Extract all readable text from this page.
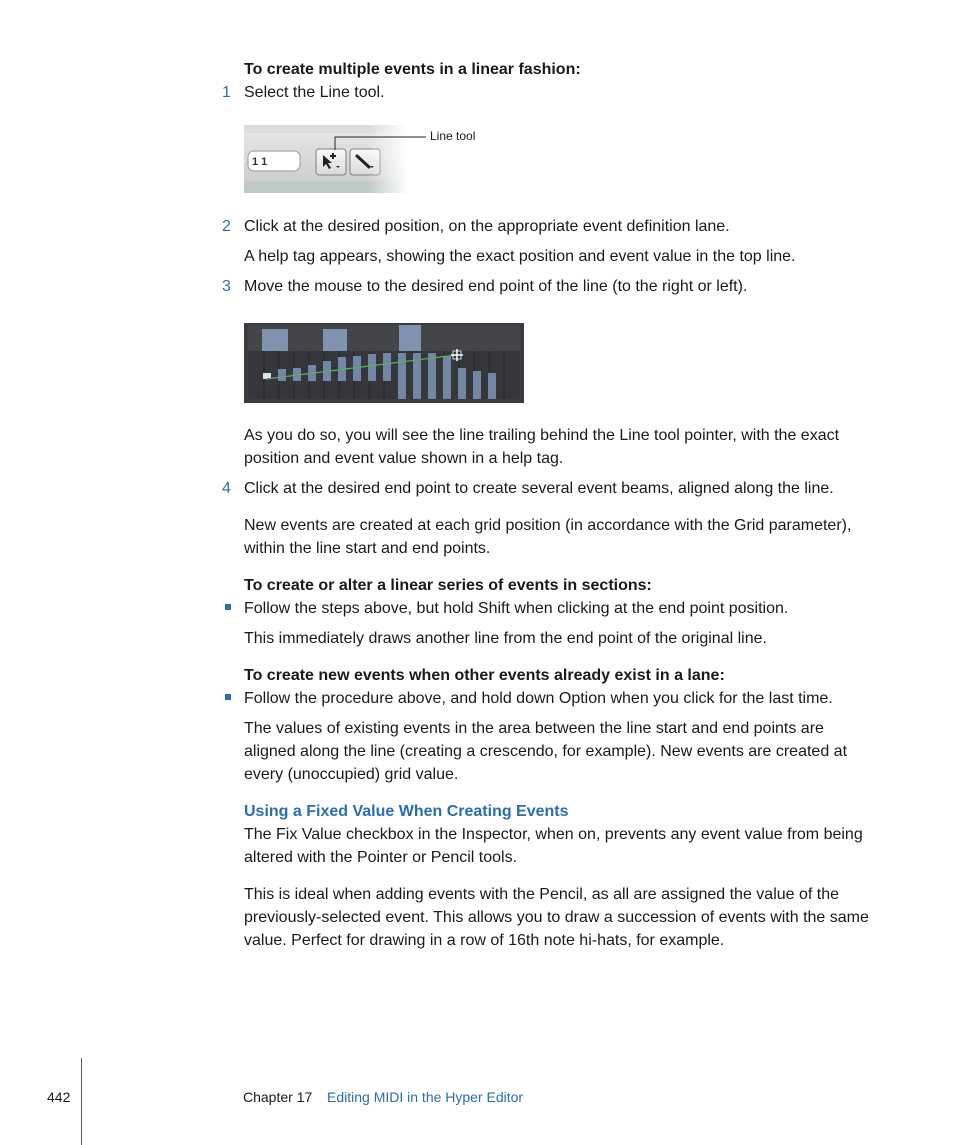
To create multiple events in a linear fashion:
1 Select the Line tool.
1 1
Line tool
2 Click at the desired position, on the appropriate event definition lane.
A help tag appears, showing the exact position and event value in the top line.
3 Move the mouse to the desired end point of the line (to the right or left).
As you do so, you will see the line trailing behind the Line tool pointer, with the exact
position and event value shown in a help tag.
4 Click at the desired end point to create several event beams, aligned along the line.
New events are created at each grid position (in accordance with the Grid parameter),
within the line start and end points.
To create or alter a linear series of events in sections:
Follow the steps above, but hold Shift when clicking at the end point position.
This immediately draws another line from the end point of the original line.
To create new events when other events already exist in a lane:
Follow the procedure above, and hold down Option when you click for the last time.
The values of existing events in the area between the line start and end points are
aligned along the line (creating a crescendo, for example). New events are created at
every (unoccupied) grid value.
Using a Fixed Value When Creating Events
The Fix Value checkbox in the Inspector, when on, prevents any event value from being
altered with the Pointer or Pencil tools.
This is ideal when adding events with the Pencil, as all are assigned the value of the
previously-selected event. This allows you to draw a succession of events with the same
value. Perfect for drawing in a row of 16th note hi-hats, for example.
442	Chapter 17 Editing MIDI in the Hyper Editor
